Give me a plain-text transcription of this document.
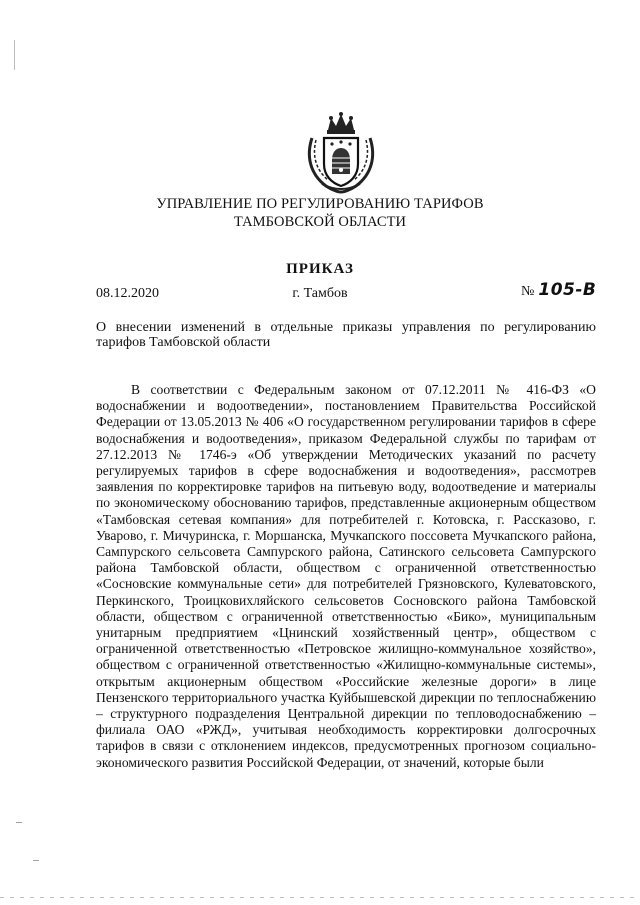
УПРАВЛЕНИЕ ПО РЕГУЛИРОВАНИЮ ТАРИФОВ
ТАМБОВСКОЙ ОБЛАСТИ
ПРИКАЗ
08.12.2020	г. Тамбов	№ 105-В
О внесении изменений в отдельные приказы управления по регулированию тарифов Тамбовской области
В соответствии с Федеральным законом от 07.12.2011 № 416-ФЗ «О водоснабжении и водоотведении», постановлением Правительства Российской Федерации от 13.05.2013 № 406 «О государственном регулировании тарифов в сфере водоснабжения и водоотведения», приказом Федеральной службы по тарифам от 27.12.2013 № 1746-э «Об утверждении Методических указаний по расчету регулируемых тарифов в сфере водоснабжения и водоотведения», рассмотрев заявления по корректировке тарифов на питьевую воду, водоотведение и материалы по экономическому обоснованию тарифов, представленные акционерным обществом «Тамбовская сетевая компания» для потребителей г. Котовска, г. Рассказово, г. Уварово, г. Мичуринска, г. Моршанска, Мучкапского поссовета Мучкапского района, Сампурского сельсовета Сампурского района, Сатинского сельсовета Сампурского района Тамбовской области, обществом с ограниченной ответственностью «Сосновские коммунальные сети» для потребителей Грязновского, Кулеватовского, Перкинского, Троицковихляйского сельсоветов Сосновского района Тамбовской области, обществом с ограниченной ответственностью «Бико», муниципальным унитарным предприятием «Цнинский хозяйственный центр», обществом с ограниченной ответственностью «Петровское жилищно-коммунальное хозяйство», обществом с ограниченной ответственностью «Жилищно-коммунальные системы», открытым акционерным обществом «Российские железные дороги» в лице Пензенского территориального участка Куйбышевской дирекции по теплоснабжению – структурного подразделения Центральной дирекции по тепловодоснабжению – филиала ОАО «РЖД», учитывая необходимость корректировки долгосрочных тарифов в связи с отклонением индексов, предусмотренных прогнозом социально-экономического развития Российской Федерации, от значений, которые были
